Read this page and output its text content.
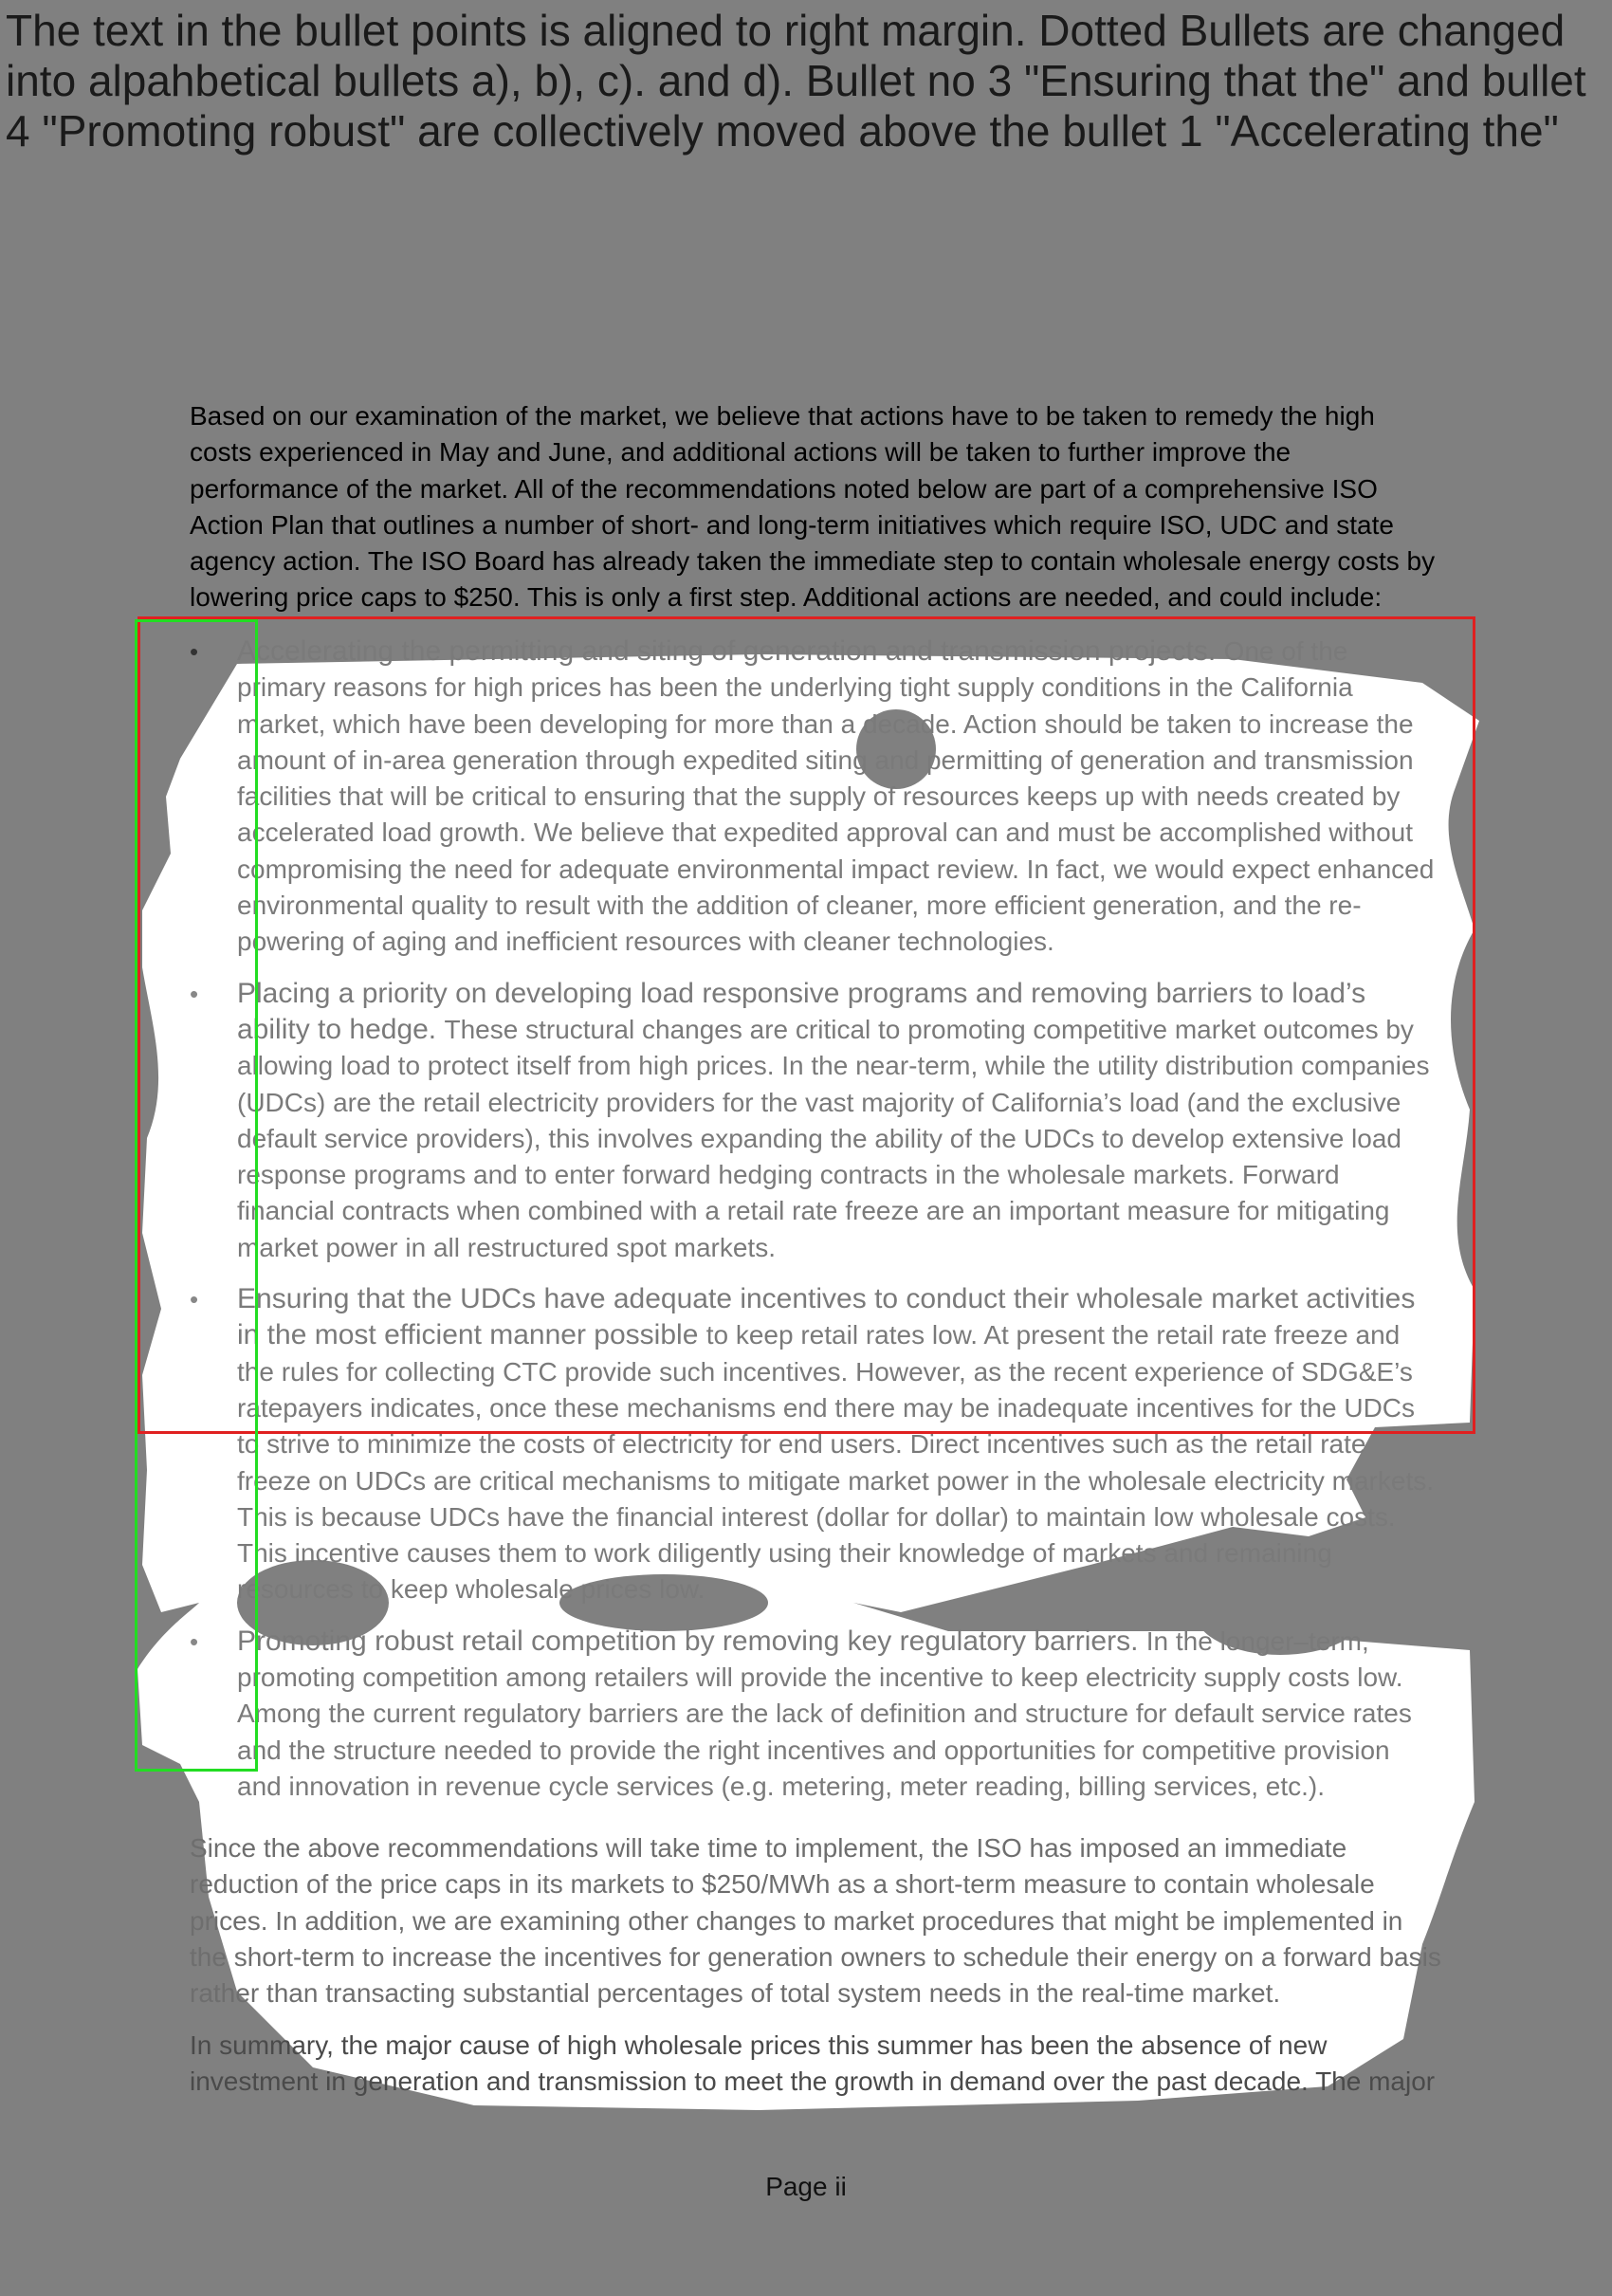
The text in the bullet points is aligned to right margin. Dotted Bullets are changed into alpahbetical bullets a), b), c). and d). Bullet no 3 "Ensuring that the" and bullet 4 "Promoting robust" are collectively moved above the bullet 1 "Accelerating the"

Based on our examination of the market, we believe that actions have to be taken to remedy the high costs experienced in May and June, and additional actions will be taken to further improve the performance of the market. All of the recommendations noted below are part of a comprehensive ISO Action Plan that outlines a number of short- and long-term initiatives which require ISO, UDC and state agency action. The ISO Board has already taken the immediate step to contain wholesale energy costs by lowering price caps to $250. This is only a first step. Additional actions are needed, and could include:

• Accelerating the permitting and siting of generation and transmission projects. One of the primary reasons for high prices has been the underlying tight supply conditions in the California market, which have been developing for more than a decade. Action should be taken to increase the amount of in-area generation through expedited siting and permitting of generation and transmission facilities that will be critical to ensuring that the supply of resources keeps up with needs created by accelerated load growth. We believe that expedited approval can and must be accomplished without compromising the need for adequate environmental impact review. In fact, we would expect enhanced environmental quality to result with the addition of cleaner, more efficient generation, and the re-powering of aging and inefficient resources with cleaner technologies.
• Placing a priority on developing load responsive programs and removing barriers to load’s ability to hedge. These structural changes are critical to promoting competitive market outcomes by allowing load to protect itself from high prices. In the near-term, while the utility distribution companies (UDCs) are the retail electricity providers for the vast majority of California’s load (and the exclusive default service providers), this involves expanding the ability of the UDCs to develop extensive load response programs and to enter forward hedging contracts in the wholesale markets. Forward financial contracts when combined with a retail rate freeze are an important measure for mitigating market power in all restructured spot markets.
• Ensuring that the UDCs have adequate incentives to conduct their wholesale market activities in the most efficient manner possible to keep retail rates low. At present the retail rate freeze and the rules for collecting CTC provide such incentives. However, as the recent experience of SDG&E’s ratepayers indicates, once these mechanisms end there may be inadequate incentives for the UDCs to strive to minimize the costs of electricity for end users. Direct incentives such as the retail rate freeze on UDCs are critical mechanisms to mitigate market power in the wholesale electricity markets. This is because UDCs have the financial interest (dollar for dollar) to maintain low wholesale costs. This incentive causes them to work diligently using their knowledge of markets and remaining resources to keep wholesale prices low.
• Promoting robust retail competition by removing key regulatory barriers. In the longer–term, promoting competition among retailers will provide the incentive to keep electricity supply costs low. Among the current regulatory barriers are the lack of definition and structure for default service rates and the structure needed to provide the right incentives and opportunities for competitive provision and innovation in revenue cycle services (e.g. metering, meter reading, billing services, etc.).

Since the above recommendations will take time to implement, the ISO has imposed an immediate reduction of the price caps in its markets to $250/MWh as a short-term measure to contain wholesale prices. In addition, we are examining other changes to market procedures that might be implemented in the short-term to increase the incentives for generation owners to schedule their energy on a forward basis rather than transacting substantial percentages of total system needs in the real-time market.

In summary, the major cause of high wholesale prices this summer has been the absence of new investment in generation and transmission to meet the growth in demand over the past decade. The major

Page ii
